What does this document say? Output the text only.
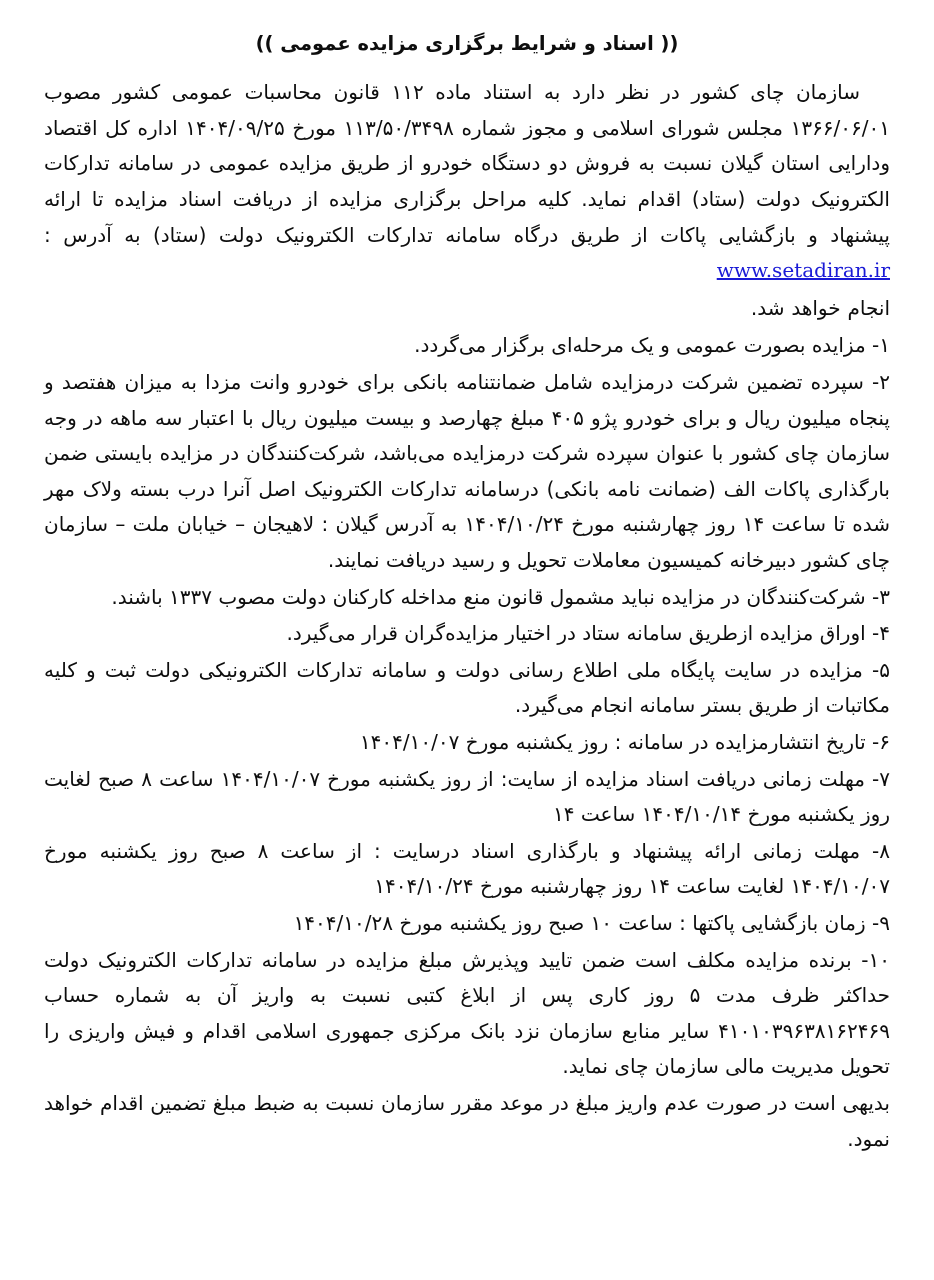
(( اسناد و شرایط برگزاری مزایده عمومی ))

سازمان چای کشور در نظر دارد به استناد ماده ۱۱۲ قانون محاسبات عمومی کشور مصوب ۱۳۶۶/۰۶/۰۱ مجلس شورای اسلامی و مجوز شماره ۱۱۳/۵۰/۳۴۹۸ مورخ ۱۴۰۴/۰۹/۲۵ اداره کل اقتصاد ودارایی استان گیلان نسبت به فروش دو دستگاه خودرو از طریق مزایده عمومی در سامانه تدارکات الکترونیک دولت (ستاد) اقدام نماید. کلیه مراحل برگزاری مزایده از دریافت اسناد مزایده تا ارائه پیشنهاد و بازگشایی پاکات از طریق درگاه سامانه تدارکات الکترونیک دولت (ستاد) به آدرس : www.setadiran.ir

انجام خواهد شد.

۱- مزایده بصورت عمومی و یک مرحله‌ای برگزار می‌گردد.

۲- سپرده تضمین شرکت درمزایده شامل ضمانتنامه بانکی برای خودرو وانت مزدا به میزان هفتصد و پنجاه میلیون ریال و برای خودرو پژو ۴۰۵ مبلغ چهارصد و بیست میلیون ریال با اعتبار سه ماهه در وجه سازمان چای کشور با عنوان سپرده شرکت درمزایده می‌باشد، شرکت‌کنندگان در مزایده بایستی ضمن بارگذاری پاکات الف (ضمانت نامه بانکی) درسامانه تدارکات الکترونیک اصل آنرا درب بسته ولاک مهر شده تا ساعت ۱۴ روز چهارشنبه مورخ ۱۴۰۴/۱۰/۲۴ به آدرس گیلان : لاهیجان – خیابان ملت – سازمان چای کشور دبیرخانه کمیسیون معاملات تحویل و رسید دریافت نمایند.

۳- شرکت‌کنندگان در مزایده نباید مشمول قانون منع مداخله کارکنان دولت مصوب ۱۳۳۷ باشند.

۴- اوراق مزایده ازطریق سامانه ستاد در اختیار مزایده‌گران قرار می‌گیرد.

۵- مزایده در سایت پایگاه ملی اطلاع رسانی دولت و سامانه تدارکات الکترونیکی دولت ثبت و کلیه مکاتبات از طریق بستر سامانه انجام می‌گیرد.

۶- تاریخ انتشارمزایده در سامانه : روز یکشنبه مورخ ۱۴۰۴/۱۰/۰۷

۷- مهلت زمانی دریافت اسناد مزایده از سایت: از روز یکشنبه مورخ ۱۴۰۴/۱۰/۰۷ ساعت ۸ صبح لغایت روز یکشنبه مورخ ۱۴۰۴/۱۰/۱۴ ساعت ۱۴

۸- مهلت زمانی ارائه پیشنهاد و بارگذاری اسناد درسایت : از ساعت ۸ صبح روز یکشنبه مورخ ۱۴۰۴/۱۰/۰۷ لغایت ساعت ۱۴ روز چهارشنبه مورخ ۱۴۰۴/۱۰/۲۴

۹- زمان بازگشایی پاکتها : ساعت ۱۰ صبح روز یکشنبه مورخ ۱۴۰۴/۱۰/۲۸

۱۰- برنده مزایده مکلف است ضمن تایید وپذیرش مبلغ مزایده در سامانه تدارکات الکترونیک دولت حداکثر ظرف مدت ۵ روز کاری پس از ابلاغ کتبی نسبت به واریز آن به شماره حساب ۴۱۰۱۰۳۹۶۳۸۱۶۲۴۶۹ سایر منابع سازمان نزد بانک مرکزی جمهوری اسلامی اقدام و فیش واریزی را تحویل مدیریت مالی سازمان چای نماید.

بدیهی است در صورت عدم واریز مبلغ در موعد مقرر سازمان نسبت به ضبط مبلغ تضمین اقدام خواهد نمود.
